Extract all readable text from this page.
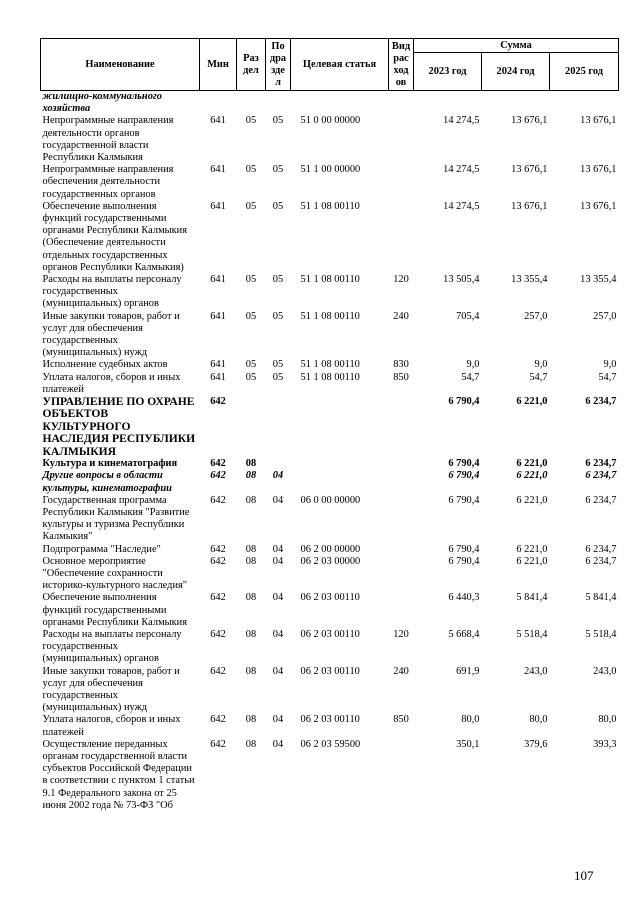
Наименование	Мин	Раз дел	По дра зде л	Целевая статья	Вид рас ход ов	Сумма		
						2023 год	2024 год	2025 год
жилищно-коммунального хозяйства								
Непрограммные направления деятельности органов государственной власти Республики Калмыкия	641	05	05	51 0 00 00000		14 274,5	13 676,1	13 676,1
Непрограммные направления обеспечения деятельности государственных органов	641	05	05	51 1 00 00000		14 274,5	13 676,1	13 676,1
Обеспечение выполнения функций государственными органами Республики Калмыкия (Обеспечение деятельности отдельных государственных органов Республики Калмыкия)	641	05	05	51 1 08 00110		14 274,5	13 676,1	13 676,1
Расходы на выплаты персоналу государственных (муниципальных) органов	641	05	05	51 1 08 00110	120	13 505,4	13 355,4	13 355,4
Иные закупки товаров, работ и услуг для обеспечения государственных (муниципальных) нужд	641	05	05	51 1 08 00110	240	705,4	257,0	257,0
Исполнение судебных актов	641	05	05	51 1 08 00110	830	9,0	9,0	9,0
Уплата налогов, сборов и иных платежей	641	05	05	51 1 08 00110	850	54,7	54,7	54,7
УПРАВЛЕНИЕ ПО ОХРАНЕ ОБЪЕКТОВ КУЛЬТУРНОГО НАСЛЕДИЯ РЕСПУБЛИКИ КАЛМЫКИЯ	642					6 790,4	6 221,0	6 234,7
Культура и кинематография	642	08				6 790,4	6 221,0	6 234,7
Другие вопросы в области культуры, кинематографии	642	08	04			6 790,4	6 221,0	6 234,7
Государственная программа Республики Калмыкия "Развитие культуры и туризма Республики Калмыкия"	642	08	04	06 0 00 00000		6 790,4	6 221,0	6 234,7
Подпрограмма "Наследие"	642	08	04	06 2 00 00000		6 790,4	6 221,0	6 234,7
Основное мероприятие "Обеспечение сохранности историко-культурного наследия"	642	08	04	06 2 03 00000		6 790,4	6 221,0	6 234,7
Обеспечение выполнения функций государственными органами Республики Калмыкия	642	08	04	06 2 03 00110		6 440,3	5 841,4	5 841,4
Расходы на выплаты персоналу государственных (муниципальных) органов	642	08	04	06 2 03 00110	120	5 668,4	5 518,4	5 518,4
Иные закупки товаров, работ и услуг для обеспечения государственных (муниципальных) нужд	642	08	04	06 2 03 00110	240	691,9	243,0	243,0
Уплата налогов, сборов и иных платежей	642	08	04	06 2 03 00110	850	80,0	80,0	80,0
Осуществление переданных органам государственной власти субъектов Российской Федерации в соответствии с пунктом 1 статьи 9.1 Федерального закона от 25 июня 2002 года № 73-ФЗ "Об	642	08	04	06 2 03 59500		350,1	379,6	393,3
107
